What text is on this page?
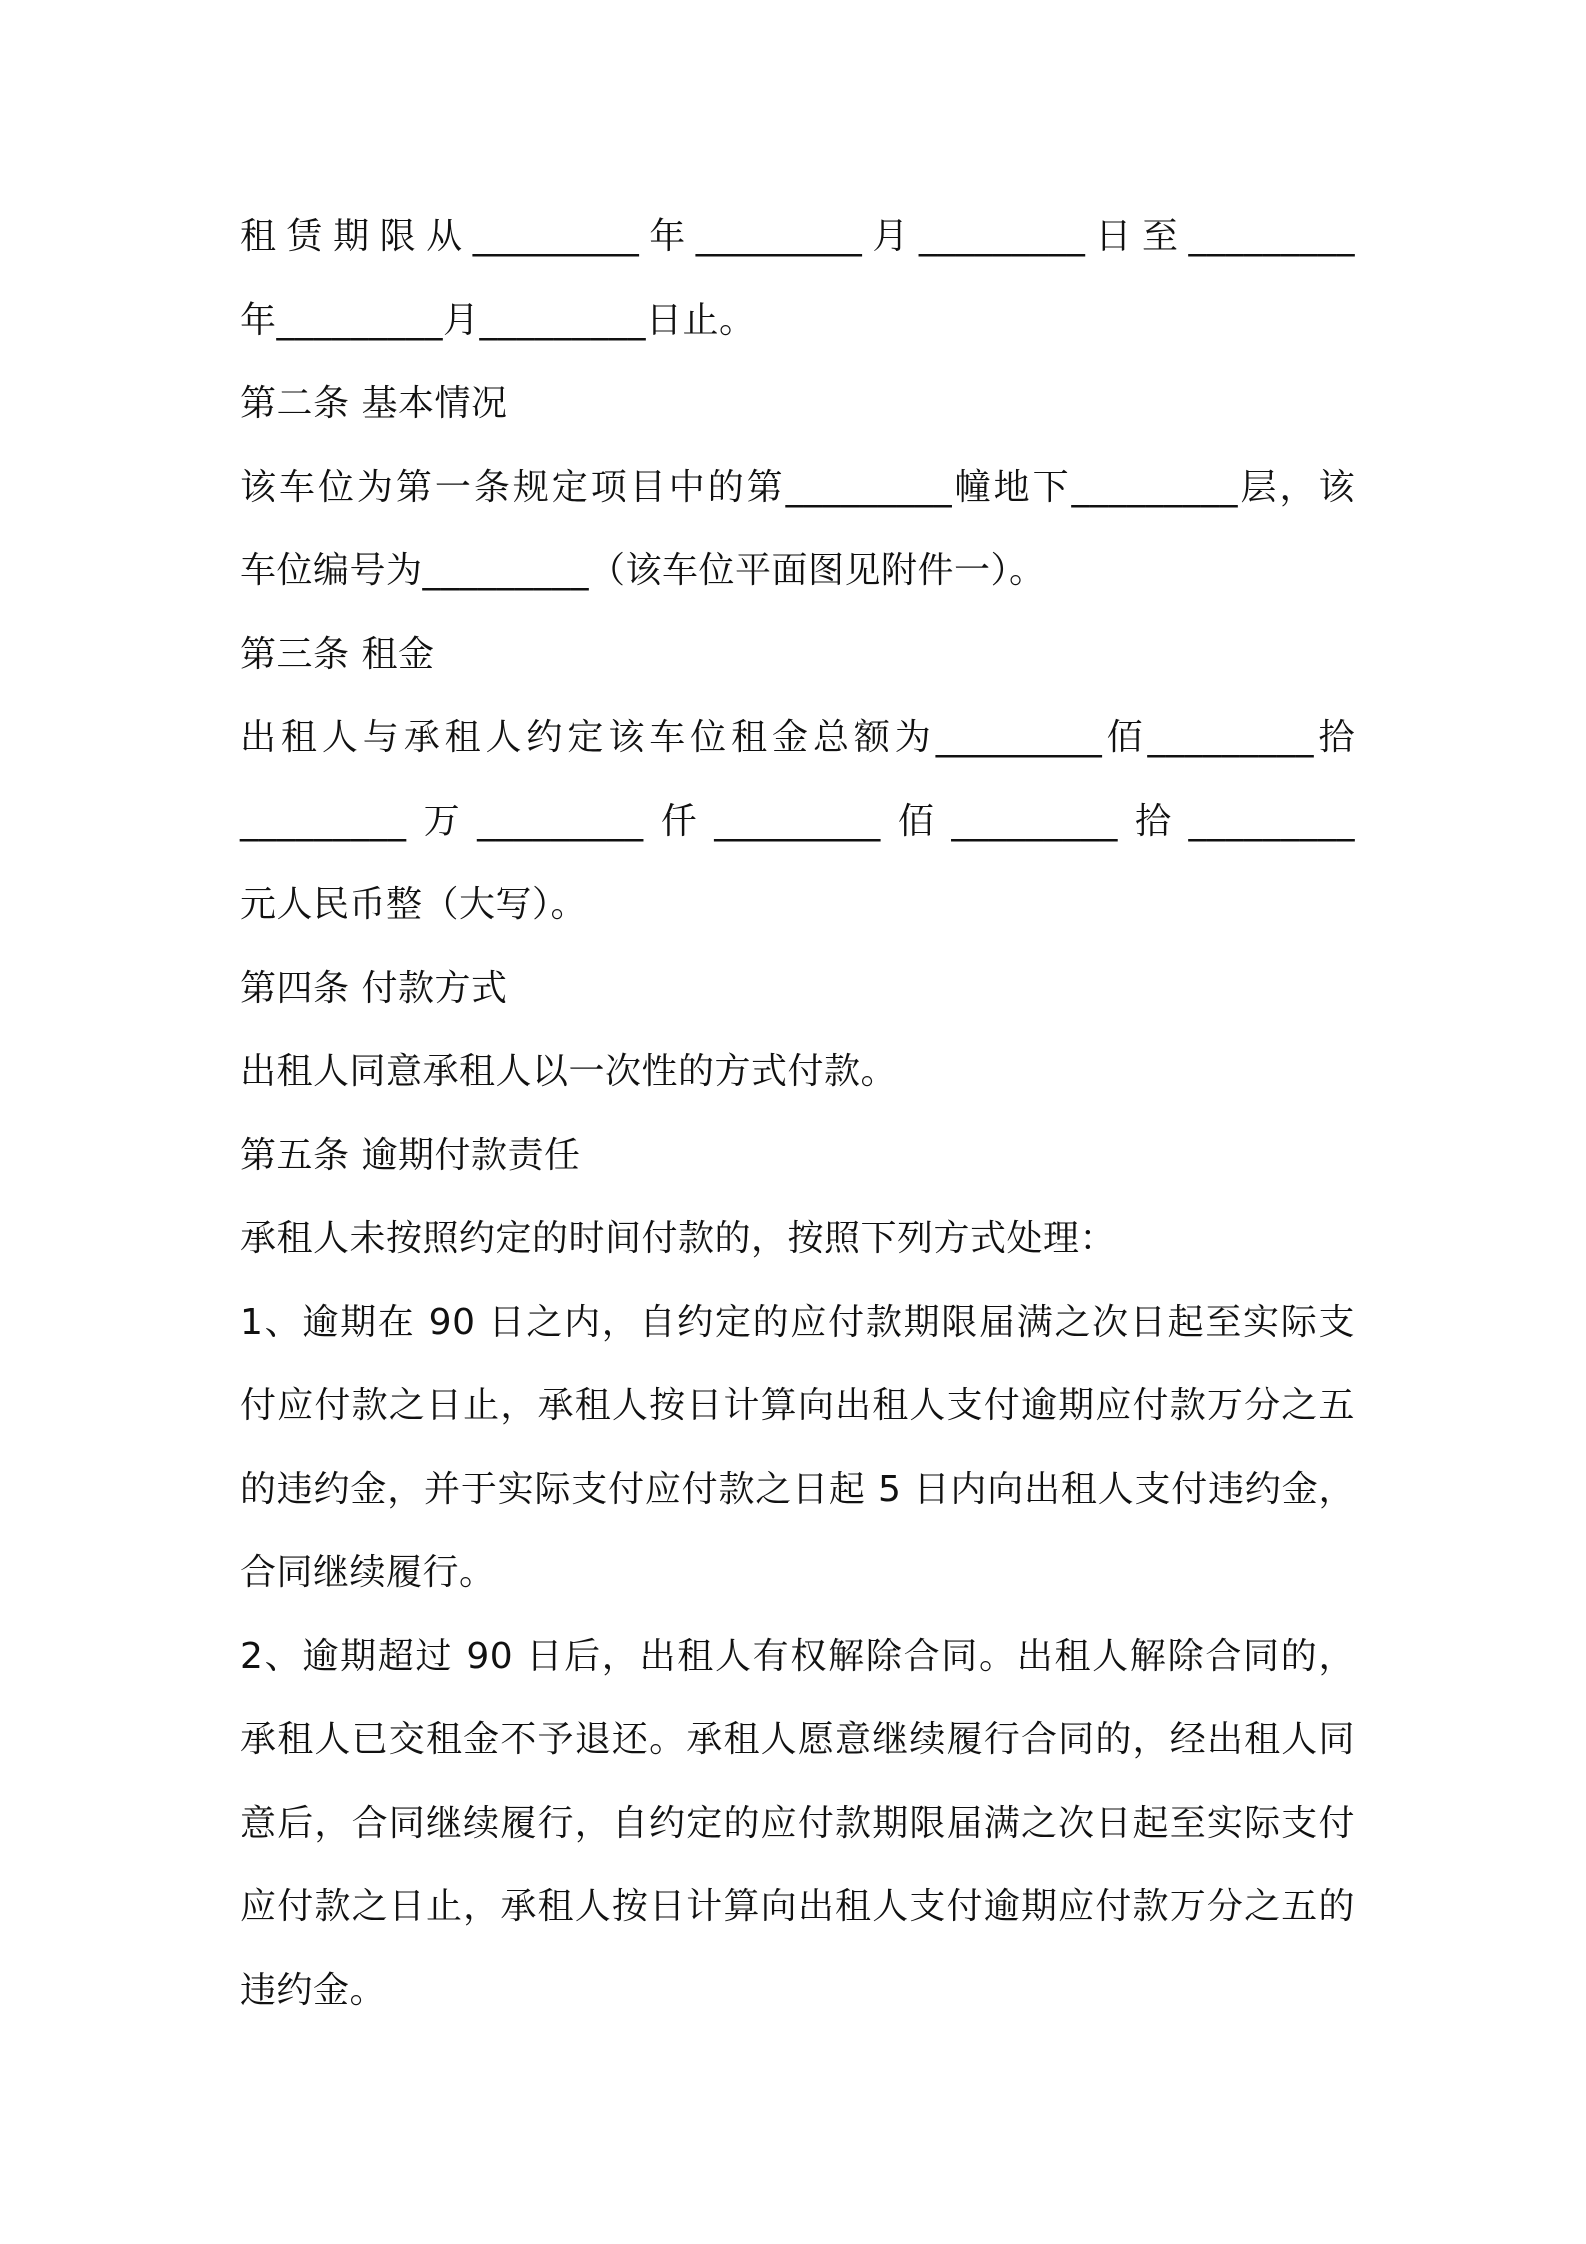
租赁期限从_________年_________月_________日至_________
年_________月_________日止。
第二条 基本情况
该车位为第一条规定项目中的第_________幢地下_________层，该
车位编号为_________（该车位平面图见附件一）。
第三条 租金
出租人与承租人约定该车位租金总额为_________佰_________拾
_________万_________仟_________佰_________拾_________
元人民币整（大写）。
第四条 付款方式
出租人同意承租人以一次性的方式付款。
第五条 逾期付款责任
承租人未按照约定的时间付款的，按照下列方式处理：
1、逾期在 90 日之内，自约定的应付款期限届满之次日起至实际支
付应付款之日止，承租人按日计算向出租人支付逾期应付款万分之五
的违约金，并于实际支付应付款之日起 5 日内向出租人支付违约金，
合同继续履行。
2、逾期超过 90 日后，出租人有权解除合同。出租人解除合同的，
承租人已交租金不予退还。承租人愿意继续履行合同的，经出租人同
意后，合同继续履行，自约定的应付款期限届满之次日起至实际支付
应付款之日止，承租人按日计算向出租人支付逾期应付款万分之五的
违约金。
